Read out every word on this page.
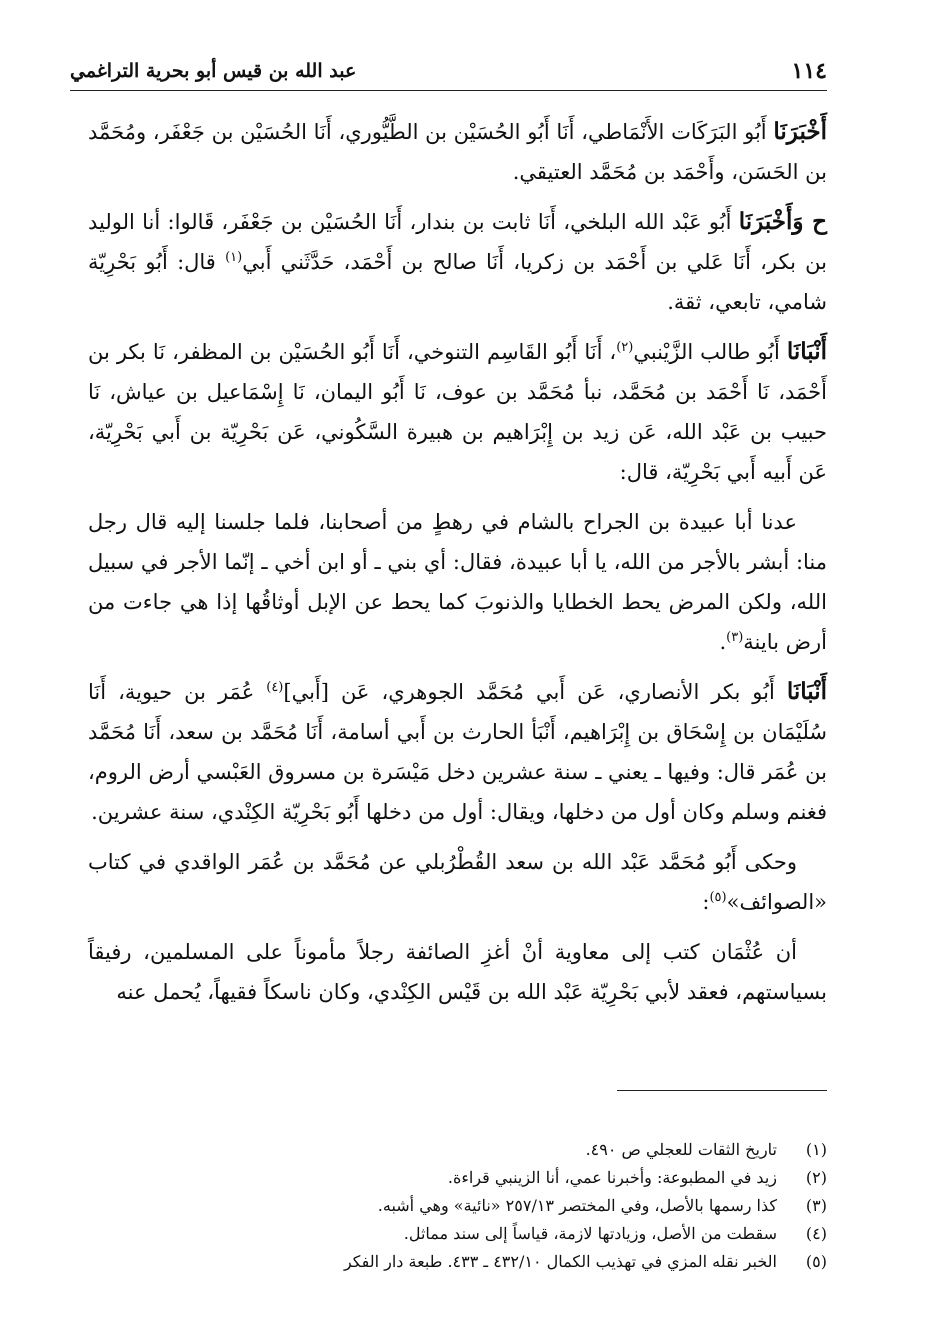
١١٤
عبد الله بن قيس أبو بحرية التراغمي

أَخْبَرَنَا أَبُو البَرَكَات الأَنْمَاطي، أَنَا أَبُو الحُسَيْن بن الطَّيُّوري، أَنَا الحُسَيْن بن جَعْفَر، ومُحَمَّد بن الحَسَن، وأَحْمَد بن مُحَمَّد العتيقي.

ح وَأَخْبَرَنَا أَبُو عَبْد الله البلخي، أَنَا ثابت بن بندار، أَنَا الحُسَيْن بن جَعْفَر، قَالوا: أنا الوليد بن بكر، أَنَا عَلي بن أَحْمَد بن زكريا، أَنَا صالح بن أَحْمَد، حَدَّثَني أَبي$^{(١)}$ قال: أَبُو بَحْرِيّة شامي، تابعي، ثقة.

أَنْبَانَا أَبُو طالب الزَّيْنبي$^{(٢)}$، أَنَا أَبُو القَاسِم التنوخي، أَنَا أَبُو الحُسَيْن بن المظفر، نَا بكر بن أَحْمَد، نَا أَحْمَد بن مُحَمَّد، نبأ مُحَمَّد بن عوف، نَا أَبُو اليمان، نَا إِسْمَاعيل بن عياش، نَا حبيب بن عَبْد الله، عَن زيد بن إِبْرَاهيم بن هبيرة السَّكُوني، عَن بَحْرِيّة بن أَبي بَحْرِيّة، عَن أَبيه أَبي بَحْرِيّة، قال:

عدنا أبا عبيدة بن الجراح بالشام في رهطٍ من أصحابنا، فلما جلسنا إليه قال رجل منا: أبشر بالأجر من الله، يا أبا عبيدة، فقال: أي بني ـ أو ابن أخي ـ إنّما الأجر في سبيل الله، ولكن المرض يحط الخطايا والذنوبَ كما يحط عن الإبل أوثاقُها إذا هي جاءت من أرض باينة$^{(٣)}$.

أَنْبَانَا أَبُو بكر الأنصاري، عَن أَبي مُحَمَّد الجوهري، عَن [أَبي]$^{(٤)}$ عُمَر بن حيوية، أَنَا سُلَيْمَان بن إِسْحَاق بن إِبْرَاهيم، أَنْبَأ الحارث بن أَبي أسامة، أَنَا مُحَمَّد بن سعد، أَنَا مُحَمَّد بن عُمَر قال: وفيها ـ يعني ـ سنة عشرين دخل مَيْسَرة بن مسروق العَبْسي أرض الروم، فغنم وسلم وكان أول من دخلها، ويقال: أول من دخلها أَبُو بَحْرِيّة الكِنْدي، سنة عشرين.

وحكى أَبُو مُحَمَّد عَبْد الله بن سعد القُطْرُبلي عن مُحَمَّد بن عُمَر الواقدي في كتاب «الصوائف»$^{(٥)}$:

أن عُثْمَان كتب إلى معاوية أنْ أغزِ الصائفة رجلاً مأموناً على المسلمين، رفيقاً بسياستهم، فعقد لأبي بَحْرِيّة عَبْد الله بن قَيْس الكِنْدي، وكان ناسكاً فقيهاً، يُحمل عنه

(١)
تاريخ الثقات للعجلي ص ٤٩٠.
(٢)
زيد في المطبوعة: وأخبرنا عمي، أنا الزينبي قراءة.
(٣)
كذا رسمها بالأصل، وفي المختصر ٢٥٧/١٣ «نائية» وهي أشبه.
(٤)
سقطت من الأصل، وزيادتها لازمة، قياساً إلى سند مماثل.
(٥)
الخبر نقله المزي في تهذيب الكمال ٤٣٢/١٠ ـ ٤٣٣. طبعة دار الفكر
